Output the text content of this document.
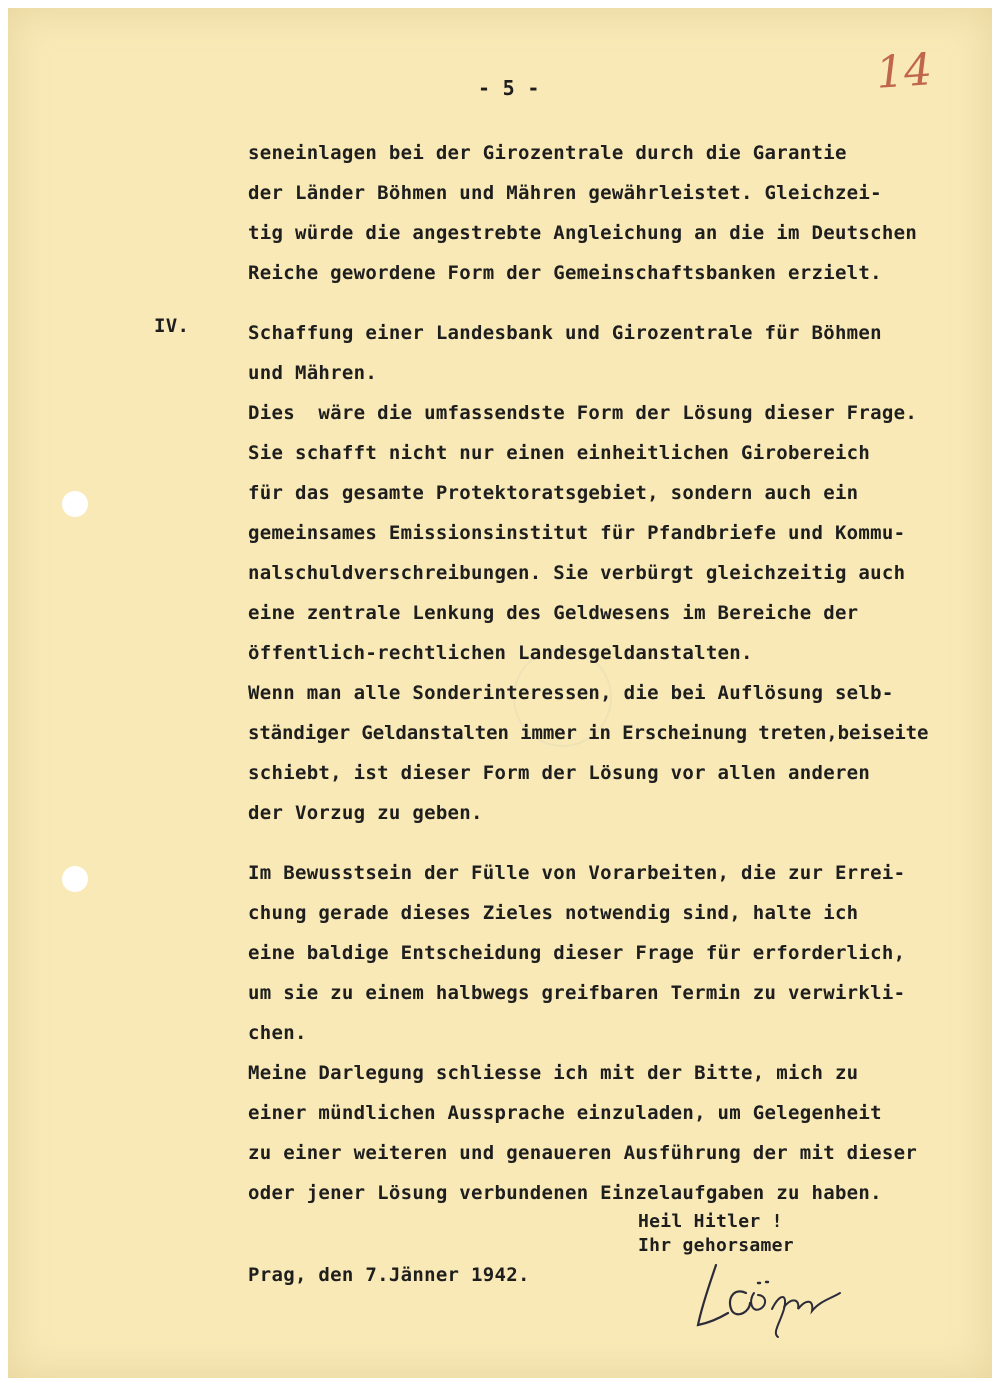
- 5 -	14
seneinlagen bei der Girozentrale durch die Garantie
der Länder Böhmen und Mähren gewährleistet. Gleichzei-
tig würde die angestrebte Angleichung an die im Deutschen
Reiche gewordene Form der Gemeinschaftsbanken erzielt.
IV.	Schaffung einer Landesbank und Girozentrale für Böhmen
und Mähren.
Dies  wäre die umfassendste Form der Lösung dieser Frage.
Sie schafft nicht nur einen einheitlichen Girobereich
für das gesamte Protektoratsgebiet, sondern auch ein
gemeinsames Emissionsinstitut für Pfandbriefe und Kommu-
nalschuldverschreibungen. Sie verbürgt gleichzeitig auch
eine zentrale Lenkung des Geldwesens im Bereiche der
öffentlich-rechtlichen Landesgeldanstalten.
Wenn man alle Sonderinteressen, die bei Auflösung selb-
ständiger Geldanstalten immer in Erscheinung treten,beiseite
schiebt, ist dieser Form der Lösung vor allen anderen
der Vorzug zu geben.
Im Bewusstsein der Fülle von Vorarbeiten, die zur Errei-
chung gerade dieses Zieles notwendig sind, halte ich
eine baldige Entscheidung dieser Frage für erforderlich,
um sie zu einem halbwegs greifbaren Termin zu verwirkli-
chen.
Meine Darlegung schliesse ich mit der Bitte, mich zu
einer mündlichen Aussprache einzuladen, um Gelegenheit
zu einer weiteren und genaueren Ausführung der mit dieser
oder jener Lösung verbundenen Einzelaufgaben zu haben.
Heil Hitler !
Ihr gehorsamer
Prag, den 7.Jänner 1942.
